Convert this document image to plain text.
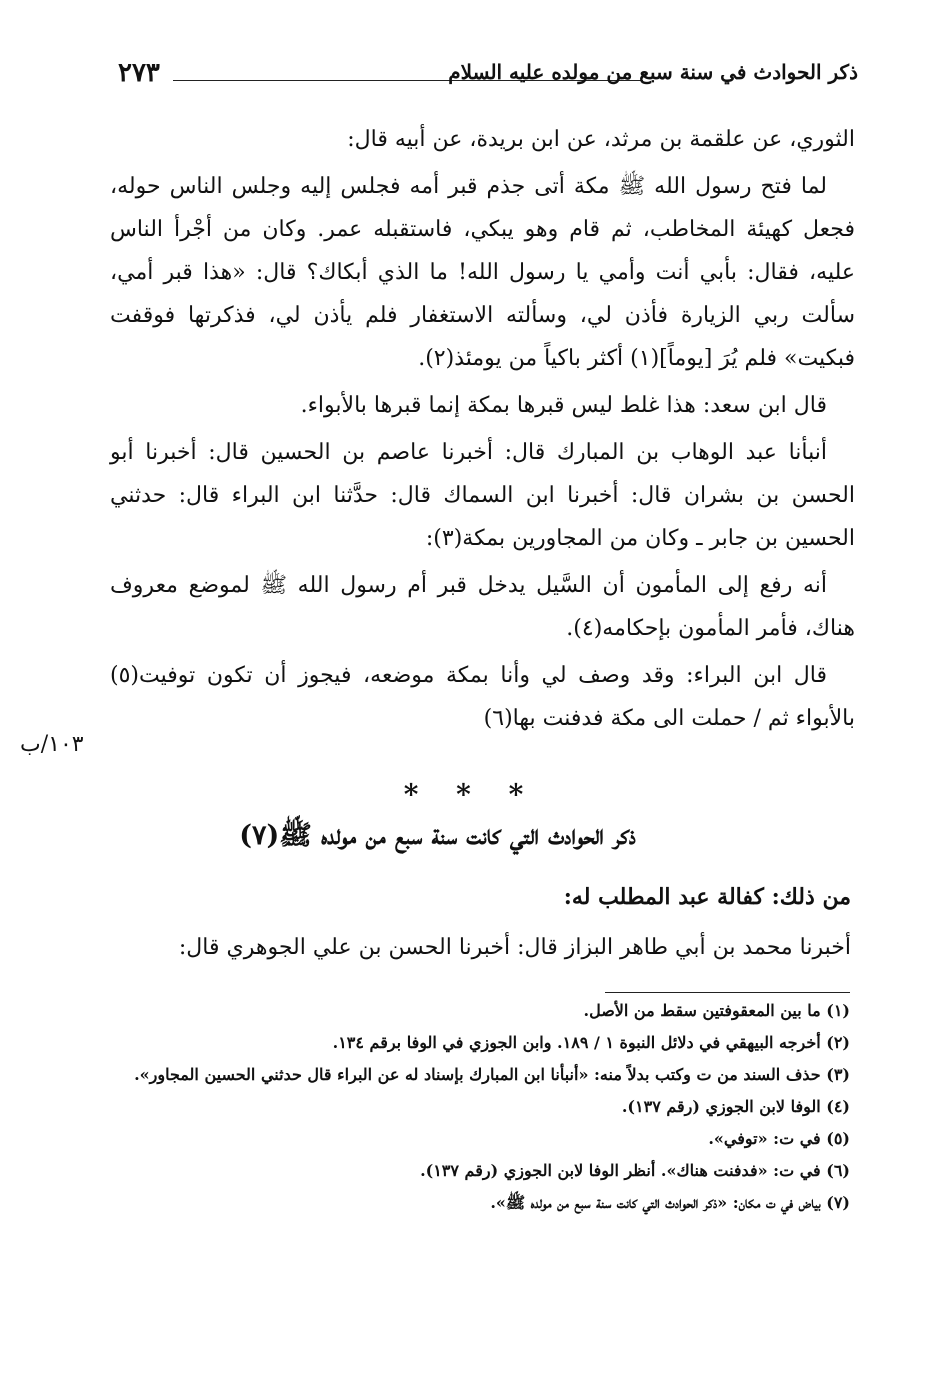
٢٧٣	ذكر الحوادث في سنة سبع من مولده عليه السلام

الثوري، عن علقمة بن مرثد، عن ابن بريدة، عن أبيه قال:

لما فتح رسول الله ﷺ مكة أتى جذم قبر أمه فجلس إليه وجلس الناس حوله، فجعل كهيئة المخاطب، ثم قام وهو يبكي، فاستقبله عمر. وكان من أجْرأ الناس عليه، فقال: بأبي أنت وأمي يا رسول الله! ما الذي أبكاك؟ قال: «هذا قبر أمي، سألت ربي الزيارة فأذن لي، وسألته الاستغفار فلم يأذن لي، فذكرتها فوقفت فبكيت» فلم يُرَ [يوماً](١) أكثر باكياً من يومئذ(٢).

قال ابن سعد: هذا غلط ليس قبرها بمكة إنما قبرها بالأبواء.

أنبأنا عبد الوهاب بن المبارك قال: أخبرنا عاصم بن الحسين قال: أخبرنا أبو الحسن بن بشران قال: أخبرنا ابن السماك قال: حدَّثنا ابن البراء قال: حدثني الحسين بن جابر ـ وكان من المجاورين بمكة(٣):

أنه رفع إلى المأمون أن السَّيل يدخل قبر أم رسول الله ﷺ لموضع معروف هناك، فأمر المأمون بإحكامه(٤).

قال ابن البراء: وقد وصف لي وأنا بمكة موضعه، فيجوز أن تكون توفيت(٥) بالأبواء ثم / حملت الى مكة فدفنت بها(٦)

١٠٣/ب
* * *
ذكر الحوادث التي كانت سنة سبع من مولده ﷺ(٧)
من ذلك: كفالة عبد المطلب له:
أخبرنا محمد بن أبي طاهر البزاز قال: أخبرنا الحسن بن علي الجوهري قال:
(١) ما بين المعقوفتين سقط من الأصل.
(٢) أخرجه البيهقي في دلائل النبوة ١ / ١٨٩. وابن الجوزي في الوفا برقم ١٣٤.
(٣) حذف السند من ت وكتب بدلاً منه: «أنبأنا ابن المبارك بإسناد له عن البراء قال حدثني الحسين المجاور».
(٤) الوفا لابن الجوزي (رقم ١٣٧).
(٥) في ت: «توفي».
(٦) في ت: «فدفنت هناك». أنظر الوفا لابن الجوزي (رقم ١٣٧).
(٧) بياض في ت مكان: «ذكر الحوادث التي كانت سنة سبع من مولده ﷺ».
